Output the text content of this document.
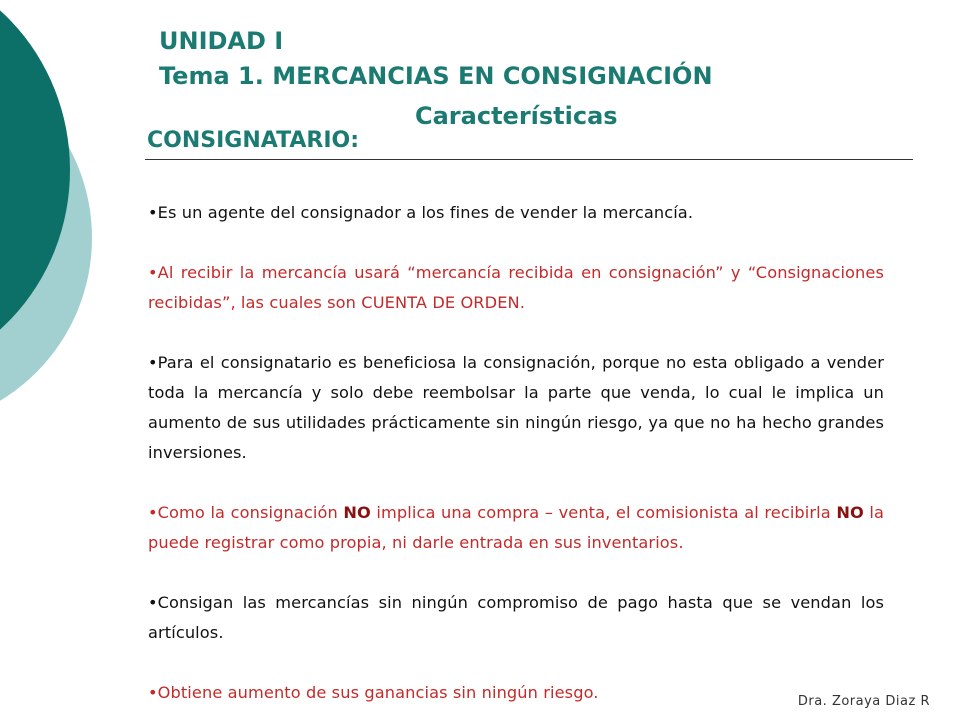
UNIDAD I
Tema 1. MERCANCIAS EN CONSIGNACIÓN
Características
CONSIGNATARIO:

•Es un agente del consignador a los fines de vender la mercancía.

•Al recibir la mercancía usará “mercancía recibida en consignación” y “Consignaciones recibidas”, las cuales son CUENTA DE ORDEN.

•Para el consignatario es beneficiosa la consignación, porque no esta obligado a vender toda la mercancía y solo debe reembolsar la parte que venda, lo cual le implica un aumento de sus utilidades prácticamente sin ningún riesgo, ya que no ha hecho grandes inversiones.

•Como la consignación NO implica una compra – venta, el comisionista al recibirla NO la puede registrar como propia, ni darle entrada en sus inventarios.

•Consigan las mercancías sin ningún compromiso de pago hasta que se vendan los artículos.

•Obtiene aumento de sus ganancias sin ningún riesgo.	Dra. Zoraya Diaz R
